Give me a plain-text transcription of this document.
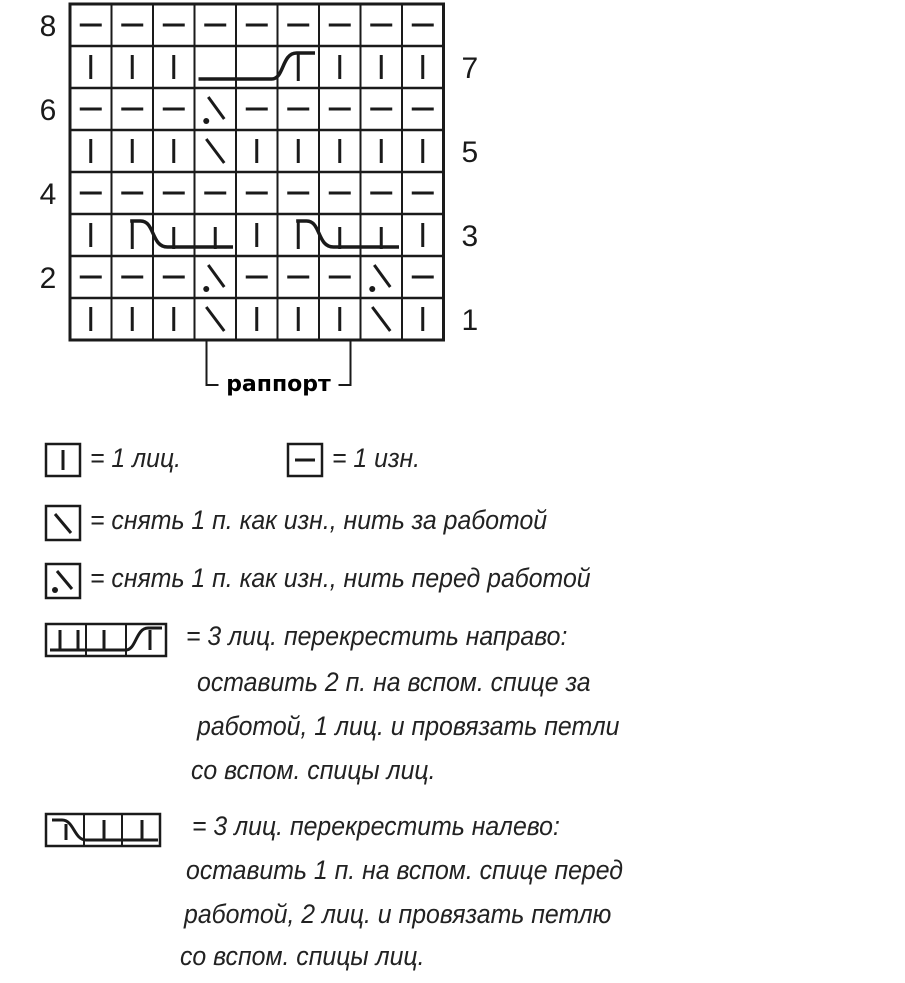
8
7
6
5
4
3
2
1
раппорт
= 1 лиц.	= 1 изн.
= снять 1 п. как изн., нить за работой
= снять 1 п. как изн., нить перед работой
= 3 лиц. перекрестить направо:
оставить 2 п. на вспом. спице за
работой, 1 лиц. и провязать петли
со вспом. спицы лиц.
= 3 лиц. перекрестить налево:
оставить 1 п. на вспом. спице перед
работой, 2 лиц. и провязать петлю
со вспом. спицы лиц.
